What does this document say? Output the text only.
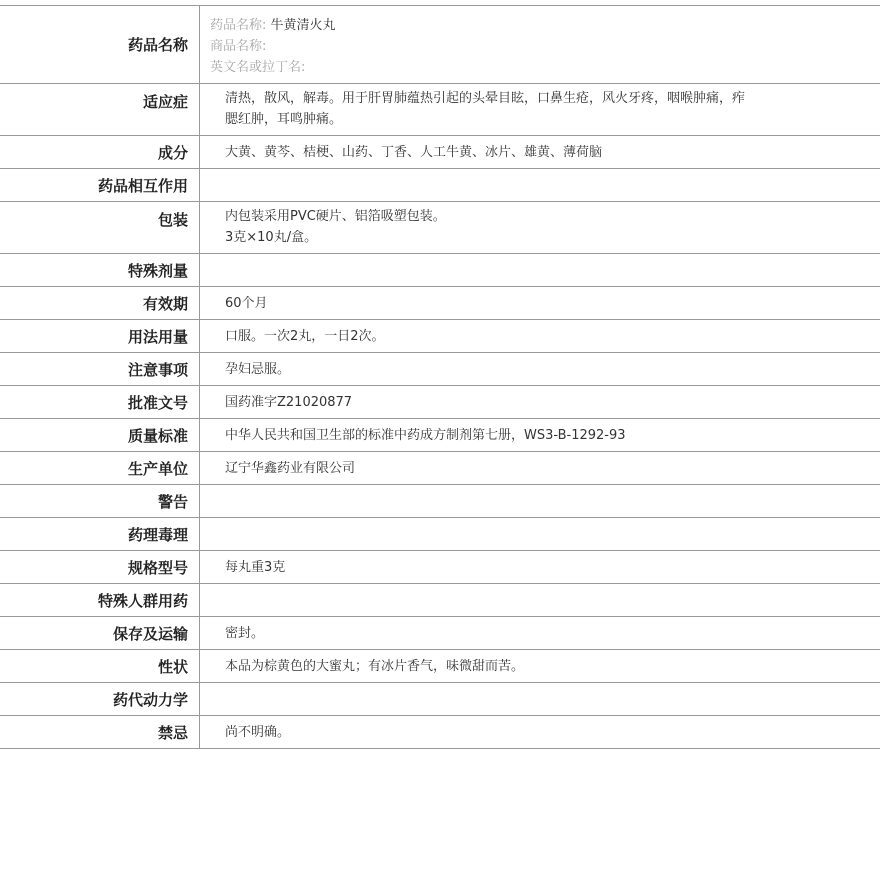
药品名称
药品名称: 牛黄清火丸
商品名称:
英文名或拉丁名:
适应症	清热，散风，解毒。用于肝胃肺蕴热引起的头晕目眩，口鼻生疮，风火牙疼，咽喉肿痛，痄
腮红肿，耳鸣肿痛。
成分	大黄、黄芩、桔梗、山药、丁香、人工牛黄、冰片、雄黄、薄荷脑
药品相互作用
包装	内包装采用PVC硬片、铝箔吸塑包装。
3克×10丸/盒。
特殊剂量
有效期	60个月
用法用量	口服。一次2丸，一日2次。
注意事项	孕妇忌服。
批准文号	国药准字Z21020877
质量标准	中华人民共和国卫生部的标准中药成方制剂第七册，WS3-B-1292-93
生产单位	辽宁华鑫药业有限公司
警告
药理毒理
规格型号	每丸重3克
特殊人群用药
保存及运输	密封。
性状	本品为棕黄色的大蜜丸；有冰片香气，味微甜而苦。
药代动力学
禁忌	尚不明确。
